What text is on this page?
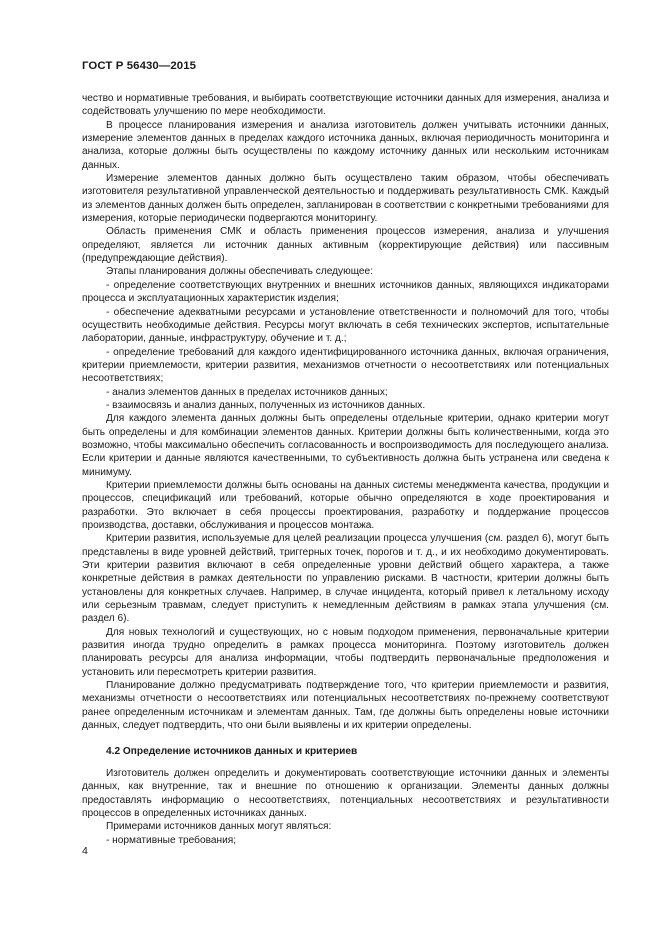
ГОСТ Р 56430—2015

чество и нормативные требования, и выбирать соответствующие источники данных для измерения, анализа и содействовать улучшению по мере необходимости.

В процессе планирования измерения и анализа изготовитель должен учитывать источники данных, измерение элементов данных в пределах каждого источника данных, включая периодичность мониторинга и анализа, которые должны быть осуществлены по каждому источнику данных или нескольким источникам данных.

Измерение элементов данных должно быть осуществлено таким образом, чтобы обеспечивать изготовителя результативной управленческой деятельностью и поддерживать результативность СМК. Каждый из элементов данных должен быть определен, запланирован в соответствии с конкретными требованиями для измерения, которые периодически подвергаются мониторингу.

Область применения СМК и область применения процессов измерения, анализа и улучшения определяют, является ли источник данных активным (корректирующие действия) или пассивным (предупреждающие действия).

Этапы планирования должны обеспечивать следующее:

- определение соответствующих внутренних и внешних источников данных, являющихся индикаторами процесса и эксплуатационных характеристик изделия;

- обеспечение адекватными ресурсами и установление ответственности и полномочий для того, чтобы осуществить необходимые действия. Ресурсы могут включать в себя технических экспертов, испытательные лаборатории, данные, инфраструктуру, обучение и т. д.;

- определение требований для каждого идентифицированного источника данных, включая ограничения, критерии приемлемости, критерии развития, механизмов отчетности о несоответствиях или потенциальных несоответствиях;

- анализ элементов данных в пределах источников данных;

- взаимосвязь и анализ данных, полученных из источников данных.

Для каждого элемента данных должны быть определены отдельные критерии, однако критерии могут быть определены и для комбинации элементов данных. Критерии должны быть количественными, когда это возможно, чтобы максимально обеспечить согласованность и воспроизводимость для последующего анализа. Если критерии и данные являются качественными, то субъективность должна быть устранена или сведена к минимуму.

Критерии приемлемости должны быть основаны на данных системы менеджмента качества, продукции и процессов, спецификаций или требований, которые обычно определяются в ходе проектирования и разработки. Это включает в себя процессы проектирования, разработку и поддержание процессов производства, доставки, обслуживания и процессов монтажа.

Критерии развития, используемые для целей реализации процесса улучшения (см. раздел 6), могут быть представлены в виде уровней действий, триггерных точек, порогов и т. д., и их необходимо документировать. Эти критерии развития включают в себя определенные уровни действий общего характера, а также конкретные действия в рамках деятельности по управлению рисками. В частности, критерии должны быть установлены для конкретных случаев. Например, в случае инцидента, который привел к летальному исходу или серьезным травмам, следует приступить к немедленным действиям в рамках этапа улучшения (см. раздел 6).

Для новых технологий и существующих, но с новым подходом применения, первоначальные критерии развития иногда трудно определить в рамках процесса мониторинга. Поэтому изготовитель должен планировать ресурсы для анализа информации, чтобы подтвердить первоначальные предположения и установить или пересмотреть критерии развития.

Планирование должно предусматривать подтверждение того, что критерии приемлемости и развития, механизмы отчетности о несоответствиях или потенциальных несоответствиях по-прежнему соответствуют ранее определенным источникам и элементам данных. Там, где должны быть определены новые источники данных, следует подтвердить, что они были выявлены и их критерии определены.

4.2 Определение источников данных и критериев

Изготовитель должен определить и документировать соответствующие источники данных и элементы данных, как внутренние, так и внешние по отношению к организации. Элементы данных должны предоставлять информацию о несоответствиях, потенциальных несоответствиях и результативности процессов в определенных источниках данных.

Примерами источников данных могут являться:

- нормативные требования;

4
